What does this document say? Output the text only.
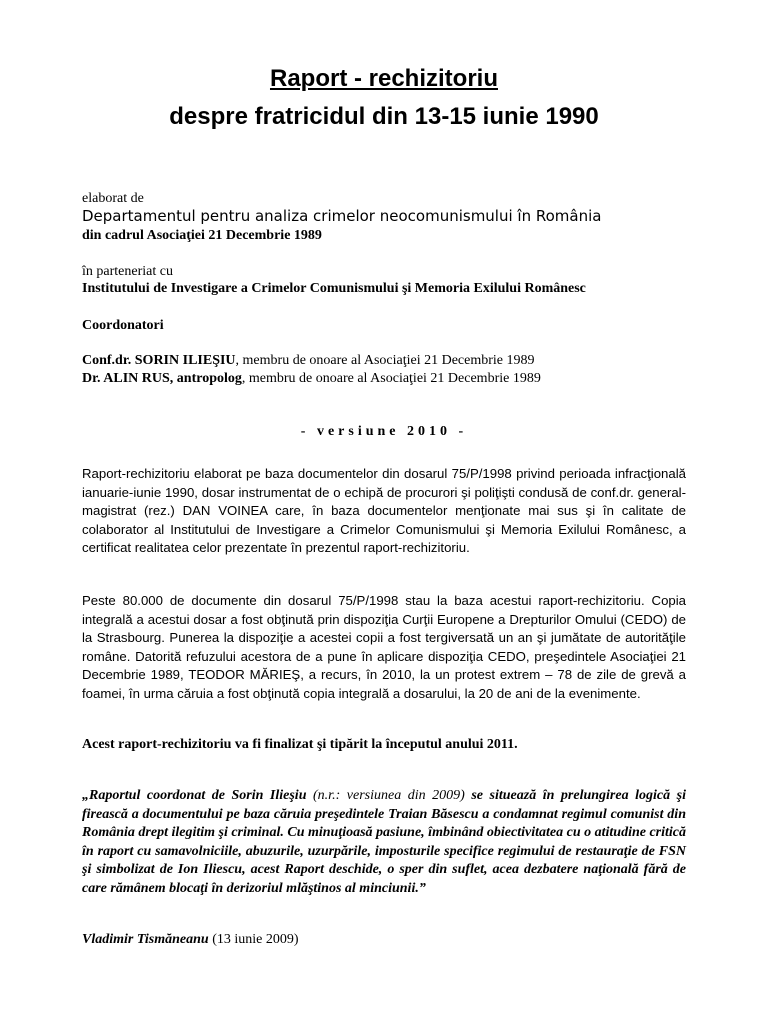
Raport - rechizitoriu
despre fratricidul din 13-15 iunie 1990
elaborat de
Departamentul pentru analiza crimelor neocomunismului în România
din cadrul Asociaţiei 21 Decembrie 1989
în parteneriat cu
Institutului de Investigare a Crimelor Comunismului şi Memoria Exilului Românesc
Coordonatori
Conf.dr. SORIN ILIEŞIU, membru de onoare al Asociaţiei 21 Decembrie 1989
Dr. ALIN RUS, antropolog, membru de onoare al Asociaţiei 21 Decembrie 1989
- versiune 2010 -
Raport-rechizitoriu elaborat pe baza documentelor din dosarul 75/P/1998 privind perioada infracţională ianuarie-iunie 1990, dosar instrumentat de o echipă de procurori şi poliţişti condusă de conf.dr. general-magistrat (rez.) DAN VOINEA care, în baza documentelor menţionate mai sus şi în calitate de colaborator al Institutului de Investigare a Crimelor Comunismului şi Memoria Exilului Românesc, a certificat realitatea celor prezentate în prezentul raport-rechizitoriu.
Peste 80.000 de documente din dosarul 75/P/1998 stau la baza acestui raport-rechizitoriu. Copia integrală a acestui dosar a fost obţinută prin dispoziţia Curţii Europene a Drepturilor Omului (CEDO) de la Strasbourg. Punerea la dispoziţie a acestei copii a fost tergiversată un an şi jumătate de autorităţile române. Datorită refuzului acestora de a pune în aplicare dispoziţia CEDO, preşedintele Asociaţiei 21 Decembrie 1989, TEODOR MĂRIEŞ, a recurs, în 2010, la un protest extrem – 78 de zile de grevă a foamei, în urma căruia a fost obţinută copia integrală a dosarului, la 20 de ani de la evenimente.
Acest raport-rechizitoriu va fi finalizat şi tipărit la începutul anului 2011.
„Raportul coordonat de Sorin Ilieşiu (n.r.: versiunea din 2009) se situează în prelungirea logică şi firească a documentului pe baza căruia preşedintele Traian Băsescu a condamnat regimul comunist din România drept ilegitim şi criminal. Cu minuţioasă pasiune, îmbinând obiectivitatea cu o atitudine critică în raport cu samavolniciile, abuzurile, uzurpările, imposturile specifice regimului de restauraţie de FSN şi simbolizat de Ion Iliescu, acest Raport deschide, o sper din suflet, acea dezbatere naţională fără de care rămânem blocaţi în derizoriul mlăştinos al minciunii.”
Vladimir Tismăneanu (13 iunie 2009)
